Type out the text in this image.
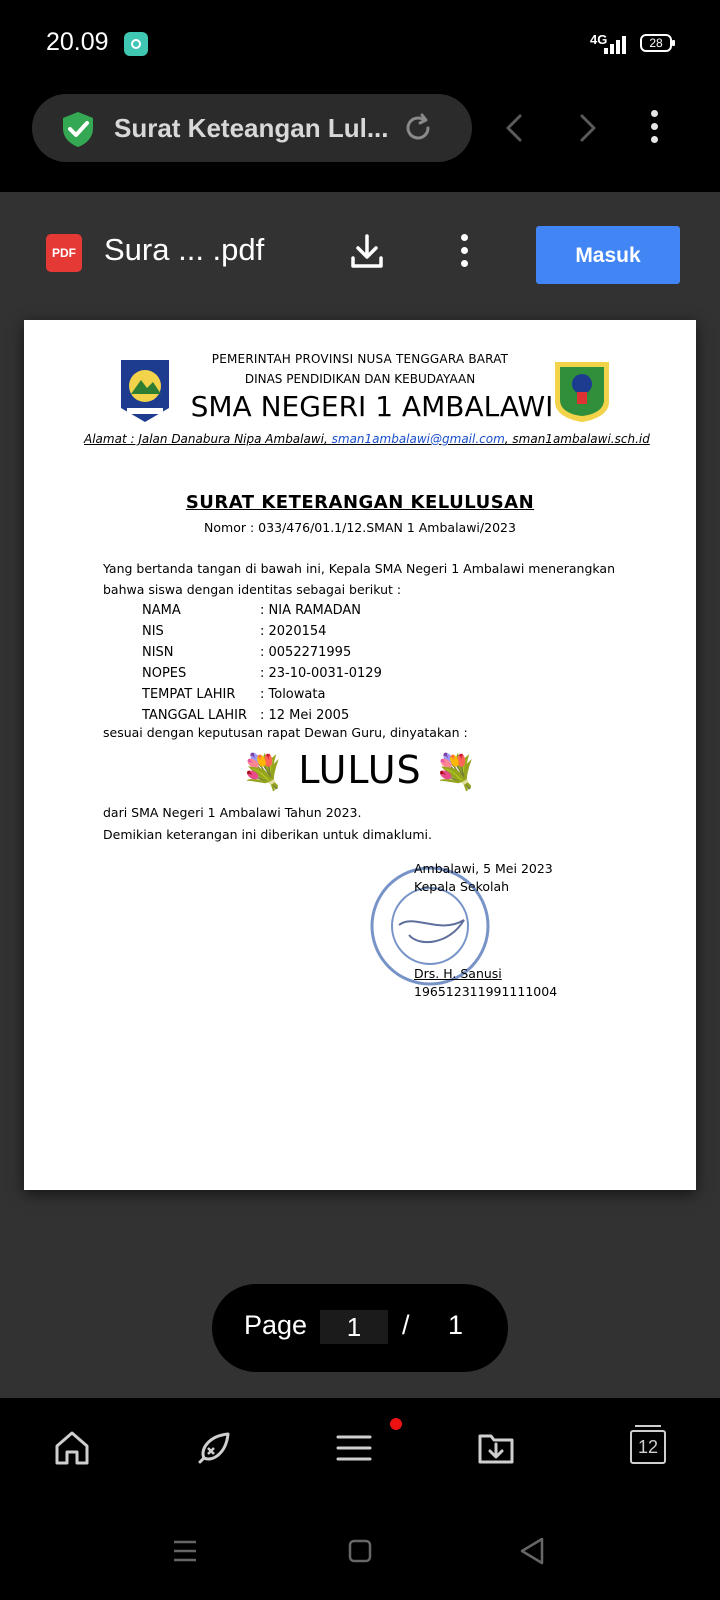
20.09	4G	28
Surat Keteangan Lul...
PDF Sura ... .pdf	Masuk
PEMERINTAH PROVINSI NUSA TENGGARA BARAT
DINAS PENDIDIKAN DAN KEBUDAYAAN
SMA NEGERI 1 AMBALAWI
Alamat : Jalan Danabura Nipa Ambalawi, sman1ambalawi@gmail.com, sman1ambalawi.sch.id
SURAT KETERANGAN KELULUSAN
Nomor : 033/476/01.1/12.SMAN 1 Ambalawi/2023
Yang bertanda tangan di bawah ini, Kepala SMA Negeri 1 Ambalawi menerangkan bahwa siswa dengan identitas sebagai berikut :
NAMA	: NIA RAMADAN
NIS	: 2020154
NISN	: 0052271995
NOPES	: 23-10-0031-0129
TEMPAT LAHIR	: Tolowata
TANGGAL LAHIR : 12 Mei 2005
sesuai dengan keputusan rapat Dewan Guru, dinyatakan :
💐 LULUS 💐
dari SMA Negeri 1 Ambalawi Tahun 2023.
Demikian keterangan ini diberikan untuk dimaklumi.
Ambalawi, 5 Mei 2023
Kepala Sekolah
Drs. H. Sanusi
196512311991111004
Page	1	/ 1
12
